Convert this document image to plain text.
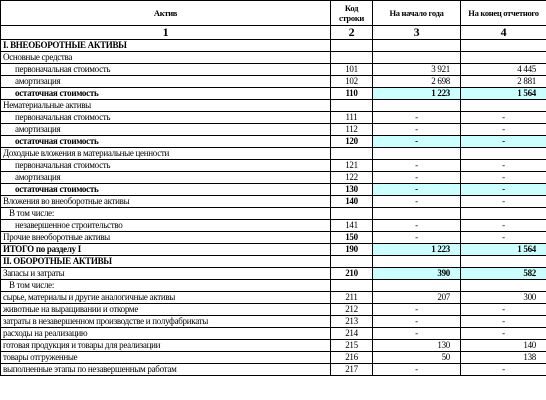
Актив	Код строки	На начало года	На конец отчетного
1	2	3	4
I. ВНЕОБОРОТНЫЕ АКТИВЫ			
Основные средства			
первоначальная стоимость	101	3 921	4 445
амортизация	102	2 698	2 881
остаточная стоимость	110	1 223	1 564
Нематериальные активы			
первоначальная стоимость	111	-	-
амортизация	112	-	-
остаточная стоимость	120	-	-
Доходные вложения в материальные ценности			
первоначальная стоимость	121	-	-
амортизация	122	-	-
остаточная стоимость	130	-	-
Вложения во внеоборотные активы	140	-	-
В том числе:			
незавершенное строительство	141	-	-
Прочие внеоборотные активы	150	-	-
ИТОГО по разделу I	190	1 223	1 564
II. ОБОРОТНЫЕ АКТИВЫ			
Запасы и затраты	210	390	582
В том числе:			
сырье, материалы и другие аналогичные активы	211	207	300
животные на выращивании и откорме	212	-	-
затраты в незавершенном производстве и полуфабрикаты	213	-	-
расходы на реализацию	214	-	-
готовая продукция и товары для реализации	215	130	140
товары отгруженные	216	50	138
выполненные этапы по незавершенным работам	217	-	-
